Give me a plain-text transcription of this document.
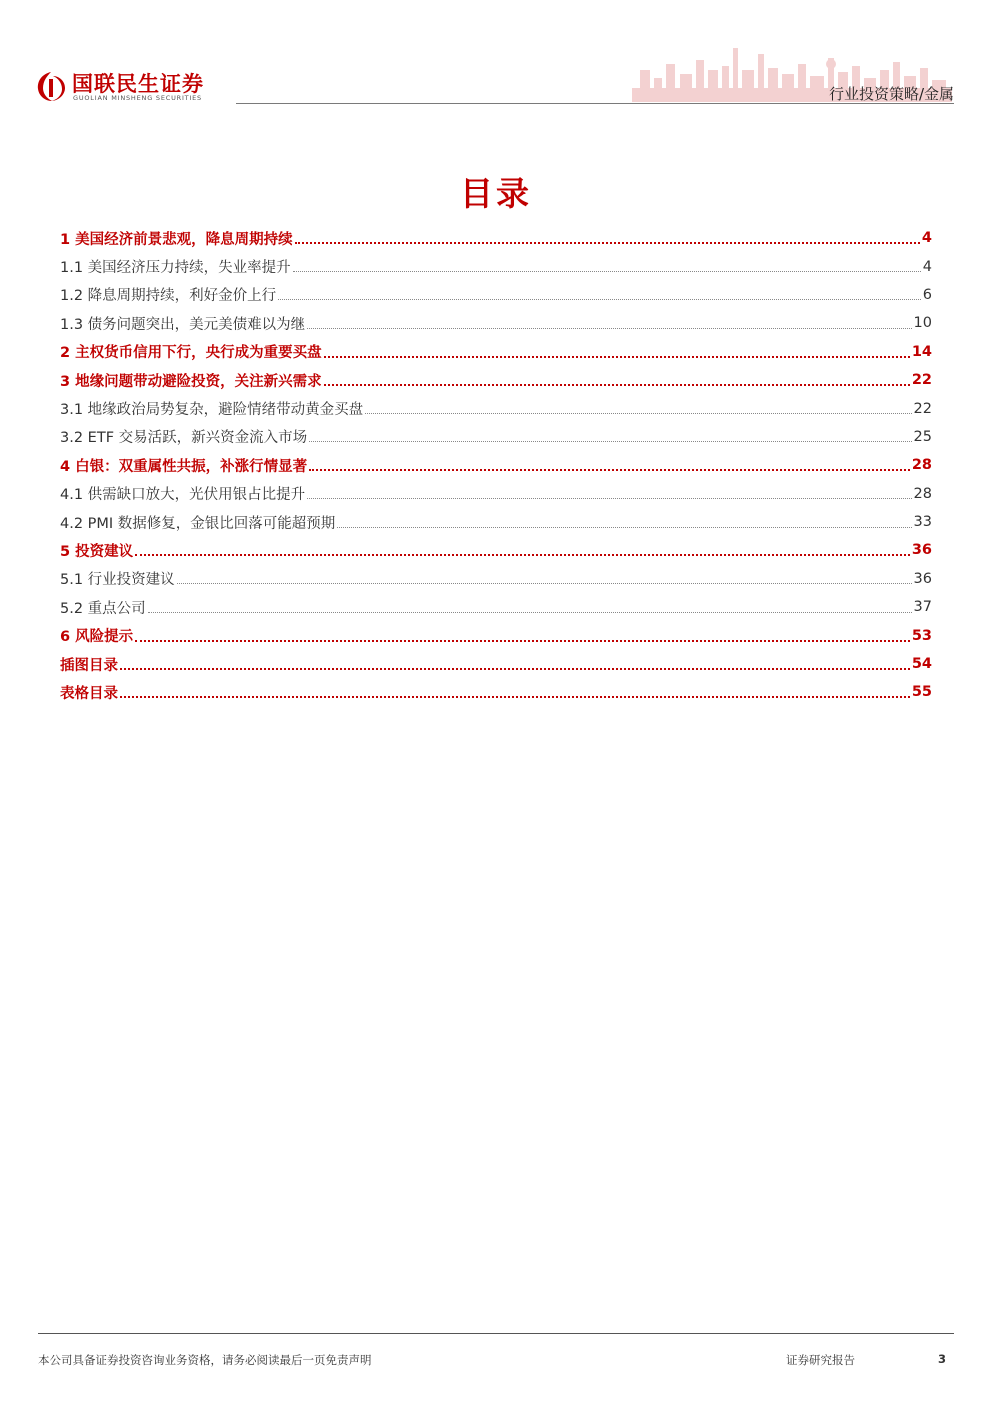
国联民生证券
GUOLIAN MINSHENG SECURITIES	行业投资策略/金属
目录
1 美国经济前景悲观，降息周期持续	4
1.1 美国经济压力持续，失业率提升	4
1.2 降息周期持续，利好金价上行	6
1.3 债务问题突出，美元美债难以为继	10
2 主权货币信用下行，央行成为重要买盘	14
3 地缘问题带动避险投资，关注新兴需求	22
3.1 地缘政治局势复杂，避险情绪带动黄金买盘	22
3.2 ETF 交易活跃，新兴资金流入市场	25
4 白银：双重属性共振，补涨行情显著	28
4.1 供需缺口放大，光伏用银占比提升	28
4.2 PMI 数据修复，金银比回落可能超预期	33
5 投资建议	36
5.1 行业投资建议	36
5.2 重点公司	37
6 风险提示	53
插图目录	54
表格目录	55
本公司具备证券投资咨询业务资格，请务必阅读最后一页免责声明	证券研究报告	3
